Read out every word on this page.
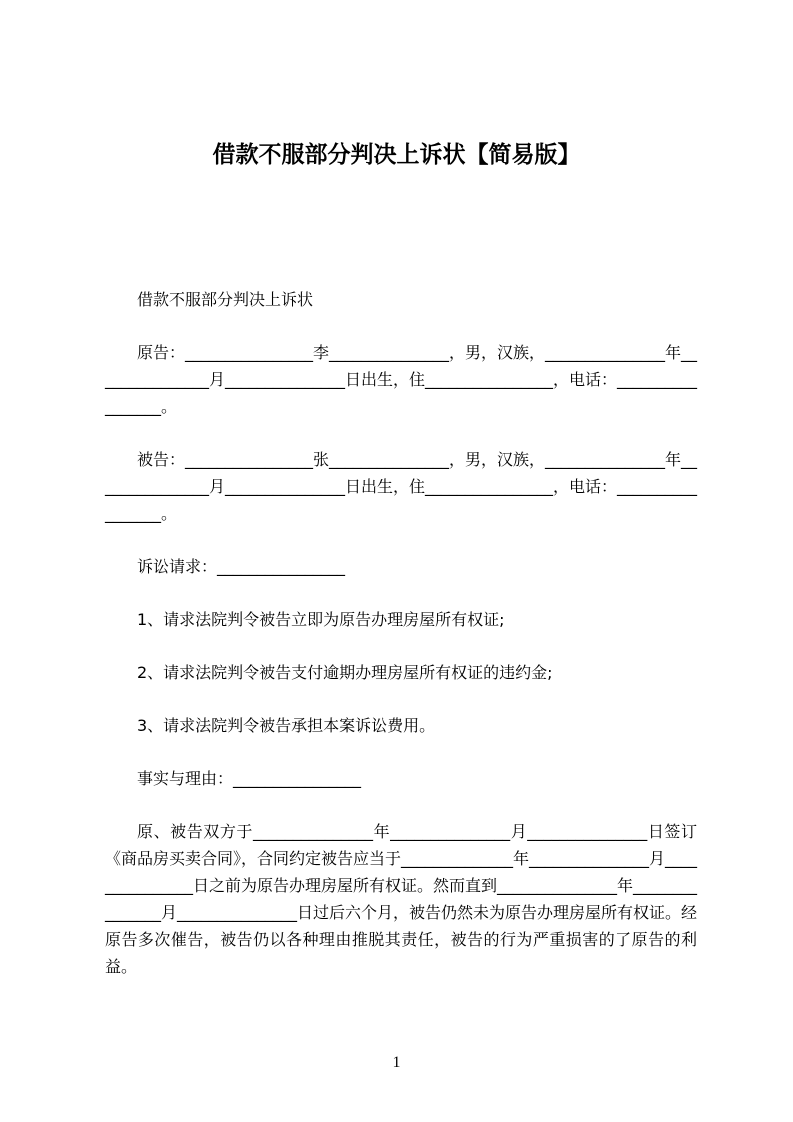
借款不服部分判决上诉状【简易版】

借款不服部分判决上诉状

原告：________________李_______________，男，汉族，_______________年_______________月_______________日出生，住________________，电话：_________________。

被告：________________张_______________，男，汉族，_______________年_______________月_______________日出生，住________________，电话：_________________。

诉讼请求：________________

1、请求法院判令被告立即为原告办理房屋所有权证;

2、请求法院判令被告支付逾期办理房屋所有权证的违约金;

3、请求法院判令被告承担本案诉讼费用。

事实与理由：________________

原、被告双方于_______________年_______________月_______________日签订《商品房买卖合同》，合同约定被告应当于______________年_______________月_______________日之前为原告办理房屋所有权证。然而直到_______________年_______________月_______________日过后六个月，被告仍然未为原告办理房屋所有权证。经原告多次催告，被告仍以各种理由推脱其责任，被告的行为严重损害的了原告的利益。

1
